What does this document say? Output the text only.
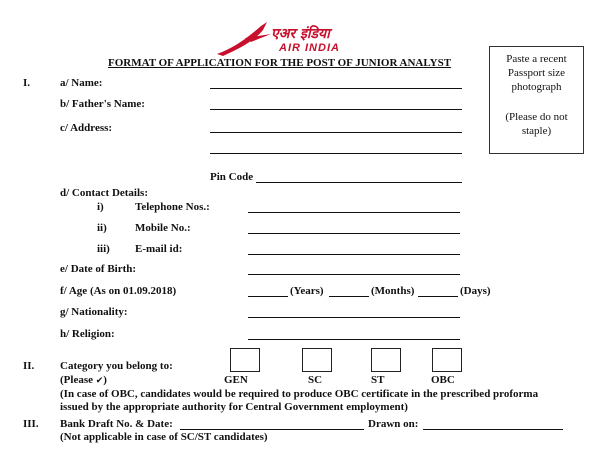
एअर इंडिया
AIR INDIA
FORMAT OF APPLICATION FOR THE POST OF JUNIOR ANALYST	Paste a recent
Passport size
photograph
(Please do not
staple)
I.	a/ Name:
b/ Father's Name:
c/ Address:
Pin Code
d/ Contact Details:
i)	Telephone Nos.:
ii)	Mobile No.:
iii) E-mail id:
e/ Date of Birth:
f/ Age (As on 01.09.2018)	(Years)	(Months)	(Days)
g/ Nationality:
h/ Religion:
II. Category you belong to:
(Please ✔)	GEN	SC	ST	OBC
(In case of OBC, candidates would be required to produce OBC certificate in the prescribed proforma
issued by the appropriate authority for Central Government employment)
III. Bank Draft No. & Date:	Drawn on:
(Not applicable in case of SC/ST candidates)
